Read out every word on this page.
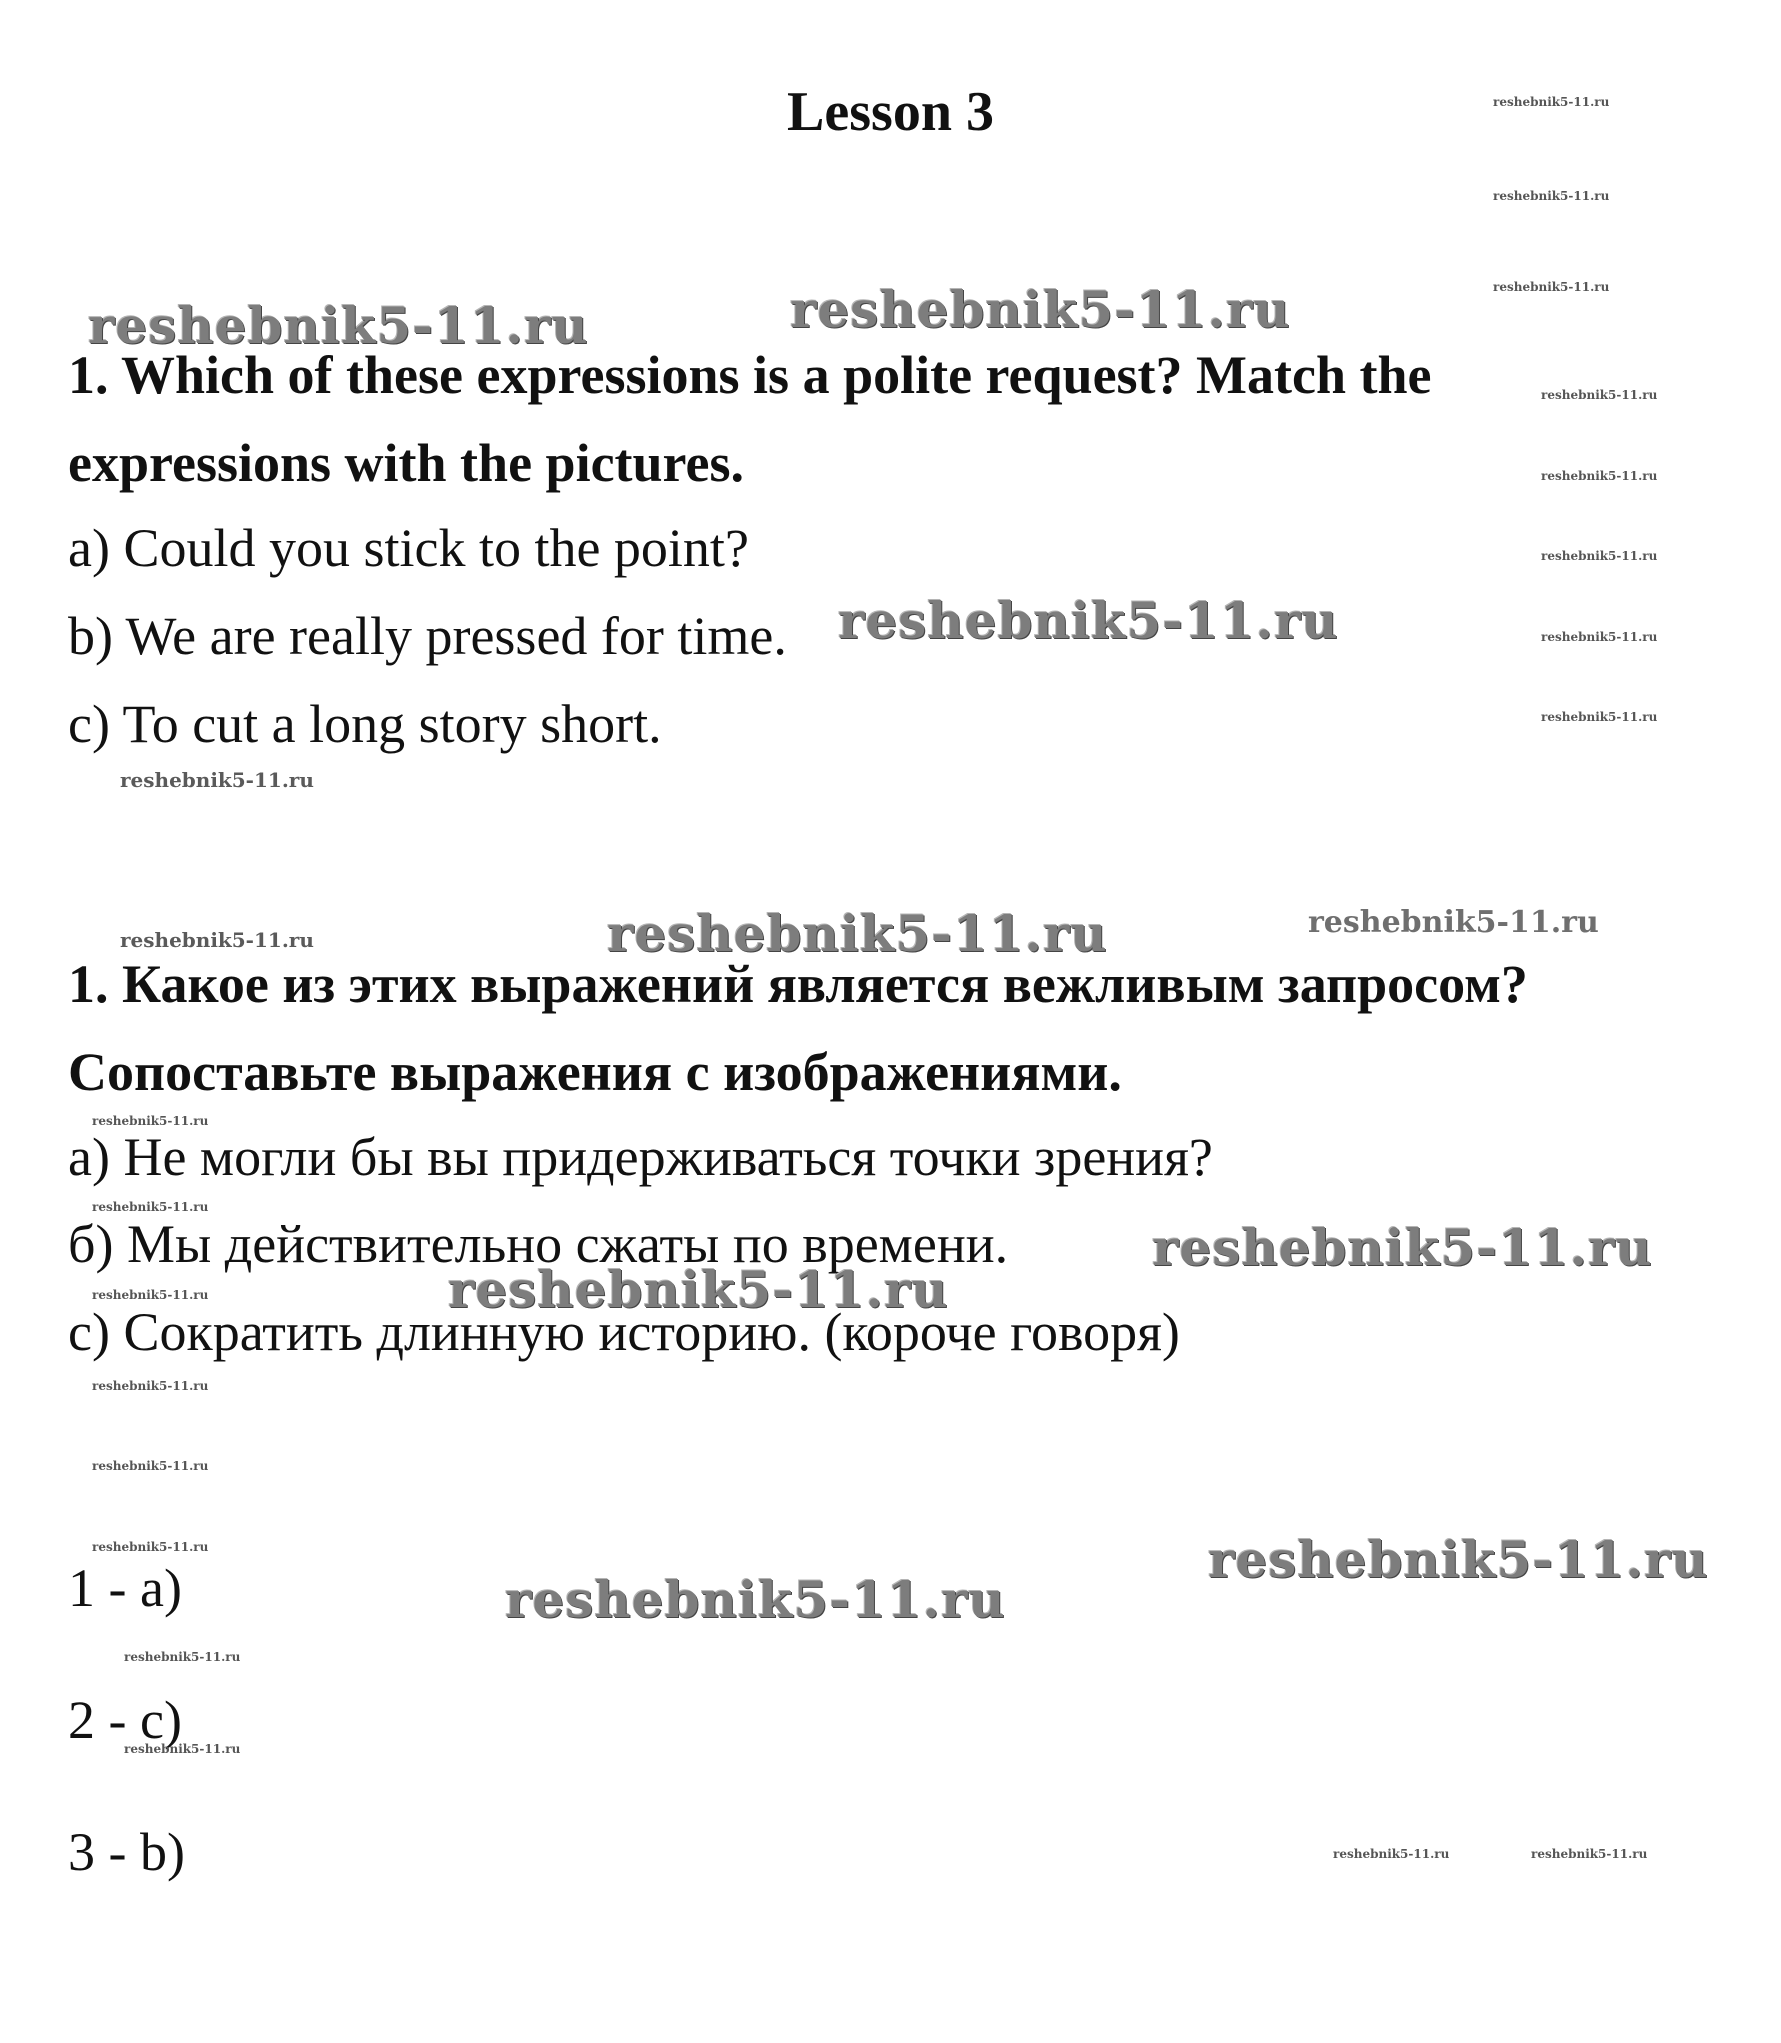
Lesson 3
1. Which of these expressions is a polite request? Match the
expressions with the pictures.
a) Could you stick to the point?
b) We are really pressed for time.
c) To cut a long story short.
1. Какое из этих выражений является вежливым запросом?
Сопоставьте выражения с изображениями.
а) Не могли бы вы придерживаться точки зрения?
б) Мы действительно сжаты по времени.
с) Сократить длинную историю. (короче говоря)
1 - a)
2 - c)
3 - b)
reshebnik5-11.ru	reshebnik5-11.ru
reshebnik5-11.ru
reshebnik5-11.ru
reshebnik5-11.ru
reshebnik5-11.ru
reshebnik5-11.ru
reshebnik5-11.ru
reshebnik5-11.ru
reshebnik5-11.ru
reshebnik5-11.ru
reshebnik5-11.ru
reshebnik5-11.ru
reshebnik5-11.ru
reshebnik5-11.ru
reshebnik5-11.ru
reshebnik5-11.ru
reshebnik5-11.ru
reshebnik5-11.ru
reshebnik5-11.ru
reshebnik5-11.ru
reshebnik5-11.ru
reshebnik5-11.ru
reshebnik5-11.ru
reshebnik5-11.ru
reshebnik5-11.ru
reshebnik5-11.ru
reshebnik5-11.ru	reshebnik5-11.ru
